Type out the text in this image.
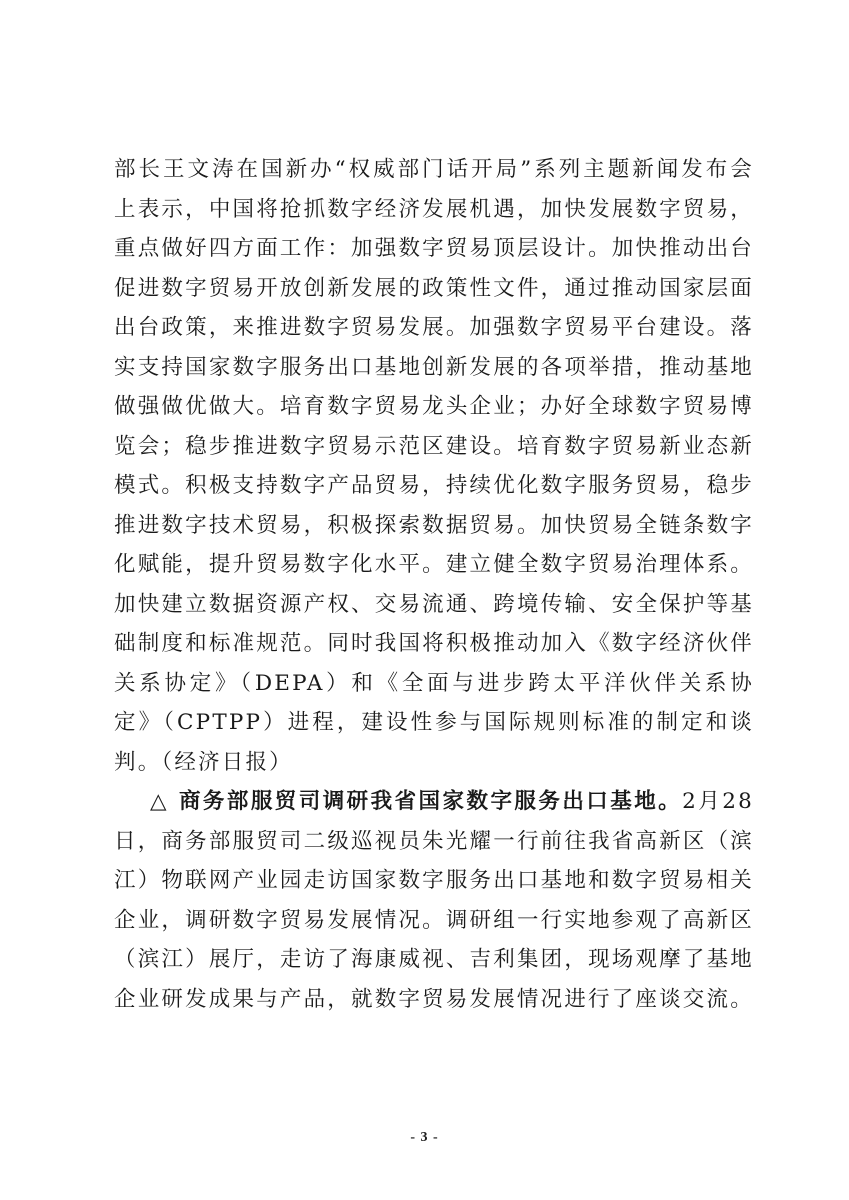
部长王文涛在国新办“权威部门话开局”系列主题新闻发布会上表示，中国将抢抓数字经济发展机遇，加快发展数字贸易，重点做好四方面工作：加强数字贸易顶层设计。加快推动出台促进数字贸易开放创新发展的政策性文件，通过推动国家层面出台政策，来推进数字贸易发展。加强数字贸易平台建设。落实支持国家数字服务出口基地创新发展的各项举措，推动基地做强做优做大。培育数字贸易龙头企业；办好全球数字贸易博览会；稳步推进数字贸易示范区建设。培育数字贸易新业态新模式。积极支持数字产品贸易，持续优化数字服务贸易，稳步推进数字技术贸易，积极探索数据贸易。加快贸易全链条数字化赋能，提升贸易数字化水平。建立健全数字贸易治理体系。加快建立数据资源产权、交易流通、跨境传输、安全保护等基础制度和标准规范。同时我国将积极推动加入《数字经济伙伴关系协定》（DEPA）和《全面与进步跨太平洋伙伴关系协定》（CPTPP）进程，建设性参与国际规则标准的制定和谈判。（经济日报）

△ 商务部服贸司调研我省国家数字服务出口基地。2月28日，商务部服贸司二级巡视员朱光耀一行前往我省高新区（滨江）物联网产业园走访国家数字服务出口基地和数字贸易相关企业，调研数字贸易发展情况。调研组一行实地参观了高新区（滨江）展厅，走访了海康威视、吉利集团，现场观摩了基地企业研发成果与产品，就数字贸易发展情况进行了座谈交流。

- 3 -
